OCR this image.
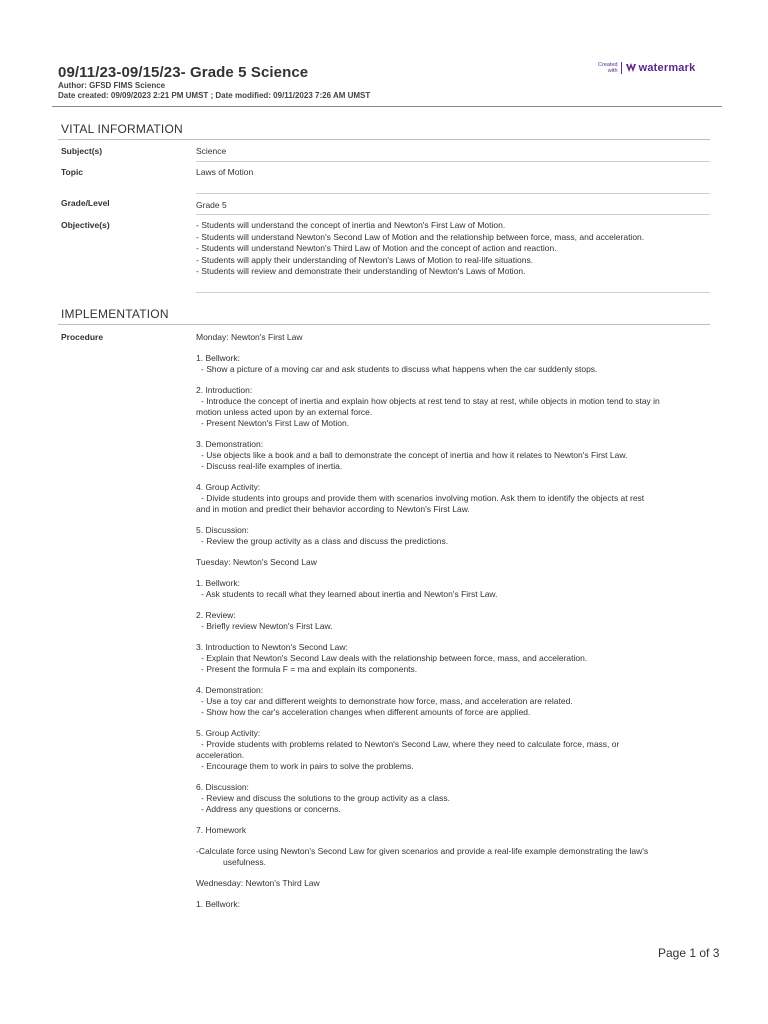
09/11/23-09/15/23- Grade 5 Science
Author: GFSD FIMS Science
Date created: 09/09/2023 2:21 PM UMST ; Date modified: 09/11/2023 7:26 AM UMST
Created
with watermark
VITAL INFORMATION
Subject(s)	Science
Topic	Laws of Motion
Grade/Level	Grade 5
Objective(s)	- Students will understand the concept of inertia and Newton's First Law of Motion.
- Students will understand Newton's Second Law of Motion and the relationship between force, mass, and acceleration.
- Students will understand Newton's Third Law of Motion and the concept of action and reaction.
- Students will apply their understanding of Newton's Laws of Motion to real-life situations.
- Students will review and demonstrate their understanding of Newton's Laws of Motion.
IMPLEMENTATION
Procedure	Monday: Newton's First Law

1. Bellwork:

- Show a picture of a moving car and ask students to discuss what happens when the car suddenly stops.

2. Introduction:

- Introduce the concept of inertia and explain how objects at rest tend to stay at rest, while objects in motion tend to stay in

motion unless acted upon by an external force.

- Present Newton's First Law of Motion.

3. Demonstration:

- Use objects like a book and a ball to demonstrate the concept of inertia and how it relates to Newton's First Law.

- Discuss real-life examples of inertia.

4. Group Activity:

- Divide students into groups and provide them with scenarios involving motion. Ask them to identify the objects at rest

and in motion and predict their behavior according to Newton's First Law.

5. Discussion:

- Review the group activity as a class and discuss the predictions.

Tuesday: Newton's Second Law

1. Bellwork:

- Ask students to recall what they learned about inertia and Newton's First Law.

2. Review:

- Briefly review Newton's First Law.

3. Introduction to Newton's Second Law:

- Explain that Newton's Second Law deals with the relationship between force, mass, and acceleration.

- Present the formula F = ma and explain its components.

4. Demonstration:

- Use a toy car and different weights to demonstrate how force, mass, and acceleration are related.

- Show how the car's acceleration changes when different amounts of force are applied.

5. Group Activity:

- Provide students with problems related to Newton's Second Law, where they need to calculate force, mass, or

acceleration.

- Encourage them to work in pairs to solve the problems.

6. Discussion:

- Review and discuss the solutions to the group activity as a class.

- Address any questions or concerns.

7. Homework

-Calculate force using Newton's Second Law for given scenarios and provide a real-life example demonstrating the law's

usefulness.

Wednesday: Newton's Third Law

1. Bellwork:

Page 1 of 3
